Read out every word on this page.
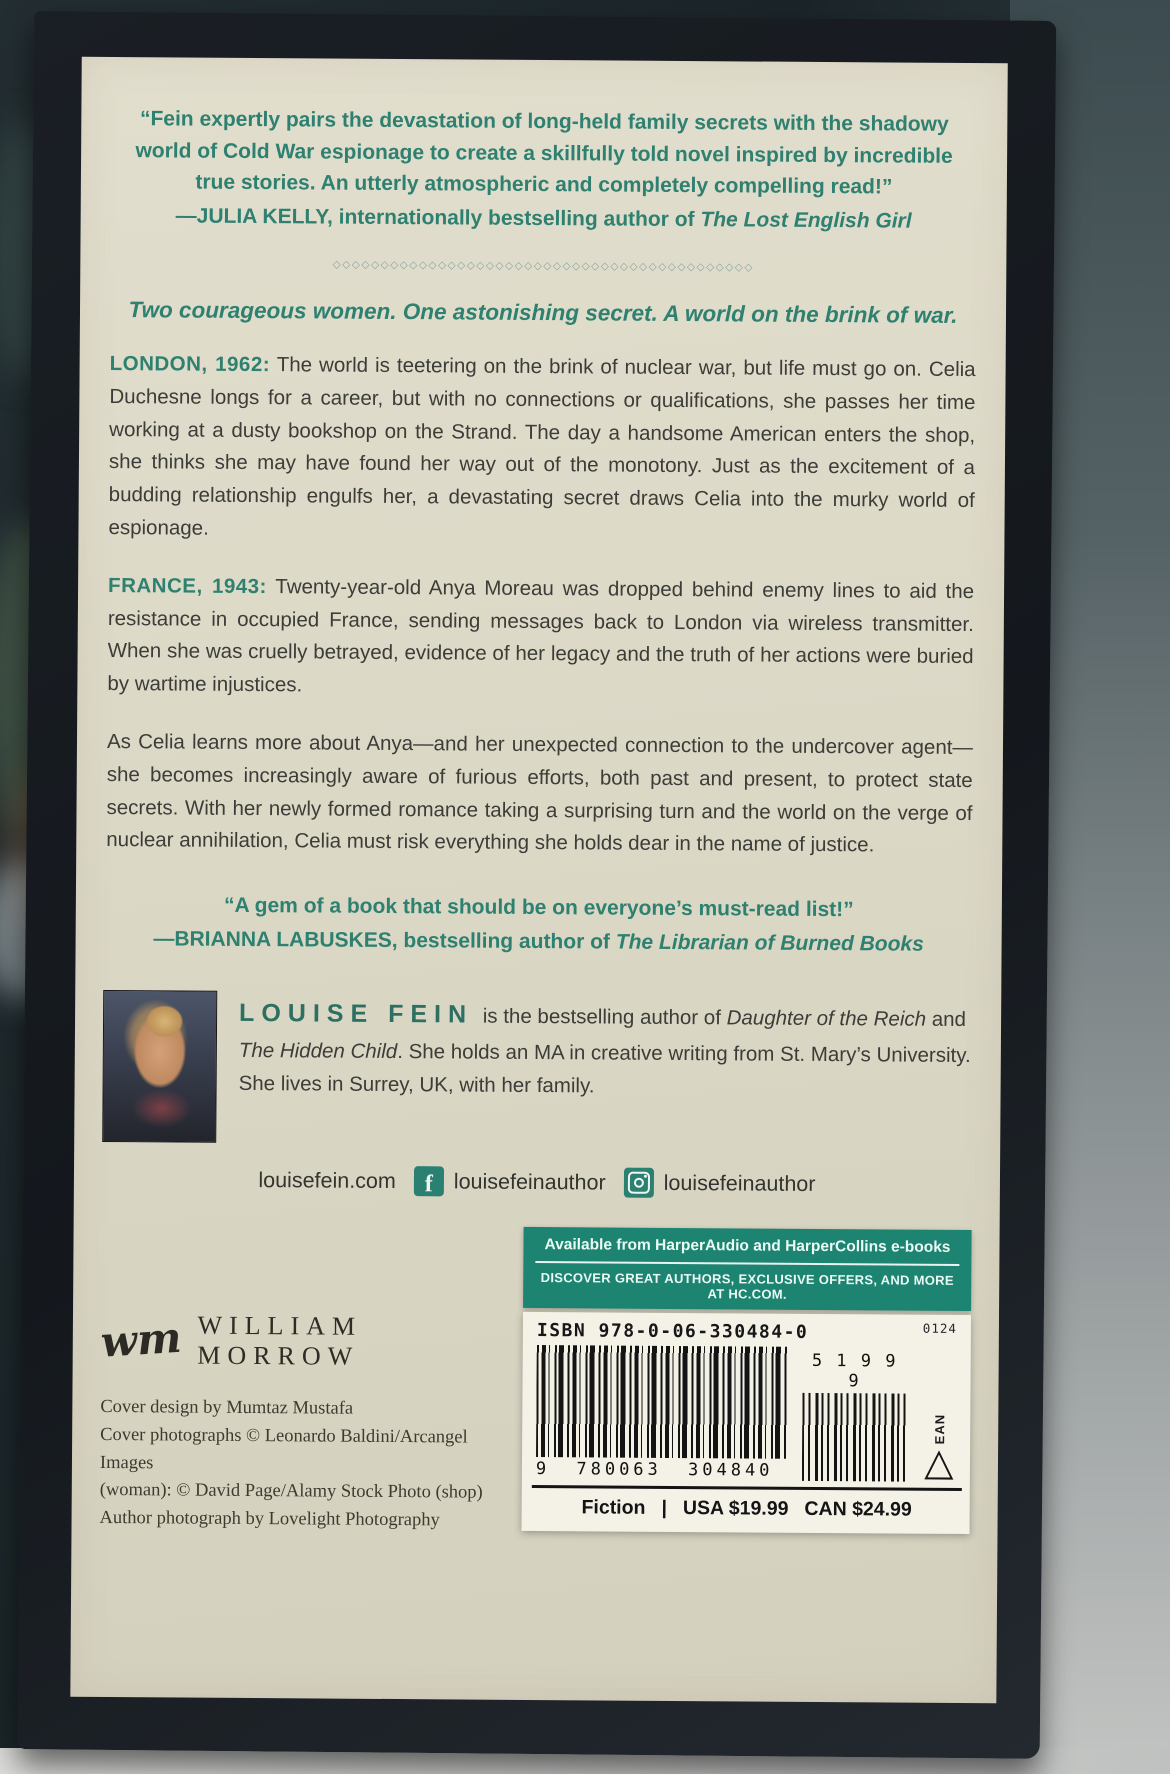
“Fein expertly pairs the devastation of long-held family secrets with the shadowy world of Cold War espionage to create a skillfully told novel inspired by incredible true stories. An utterly atmospheric and completely compelling read!”
—JULIA KELLY, internationally bestselling author of The Lost English Girl
◇◇◇◇◇◇◇◇◇◇◇◇◇◇◇◇◇◇◇◇◇◇◇◇◇◇◇◇◇◇◇◇◇◇◇◇◇◇◇◇◇◇◇◇
Two courageous women. One astonishing secret. A world on the brink of war.

LONDON, 1962: The world is teetering on the brink of nuclear war, but life must go on. Celia Duchesne longs for a career, but with no connections or qualifications, she passes her time working at a dusty bookshop on the Strand. The day a handsome American enters the shop, she thinks she may have found her way out of the monotony. Just as the excitement of a budding relationship engulfs her, a devastating secret draws Celia into the murky world of espionage.

FRANCE, 1943: Twenty-year-old Anya Moreau was dropped behind enemy lines to aid the resistance in occupied France, sending messages back to London via wireless transmitter. When she was cruelly betrayed, evidence of her legacy and the truth of her actions were buried by wartime injustices.

As Celia learns more about Anya—and her unexpected connection to the undercover agent—she becomes increasingly aware of furious efforts, both past and present, to protect state secrets. With her newly formed romance taking a surprising turn and the world on the verge of nuclear annihilation, Celia must risk everything she holds dear in the name of justice.

“A gem of a book that should be on everyone’s must-read list!”
—BRIANNA LABUSKES, bestselling author of The Librarian of Burned Books
LOUISE FEIN is the bestselling author of Daughter of the Reich and The Hidden Child. She holds an MA in creative writing from St. Mary’s University. She lives in Surrey, UK, with her family.
louisefein.com f louisefeinauthor	louisefeinauthor
wm WILLIAM MORROW
Cover design by Mumtaz Mustafa
Cover photographs © Leonardo Baldini/Arcangel Images
(woman): © David Page/Alamy Stock Photo (shop)
Author photograph by Lovelight Photography
Available from HarperAudio and HarperCollins e-books
DISCOVER GREAT AUTHORS, EXCLUSIVE OFFERS, AND MORE AT HC.COM.
ISBN 978-0-06-330484-0	0124
9 780063 304840
5 1 9 9 9
EAN
△
Fiction | USA $19.99 CAN $24.99
